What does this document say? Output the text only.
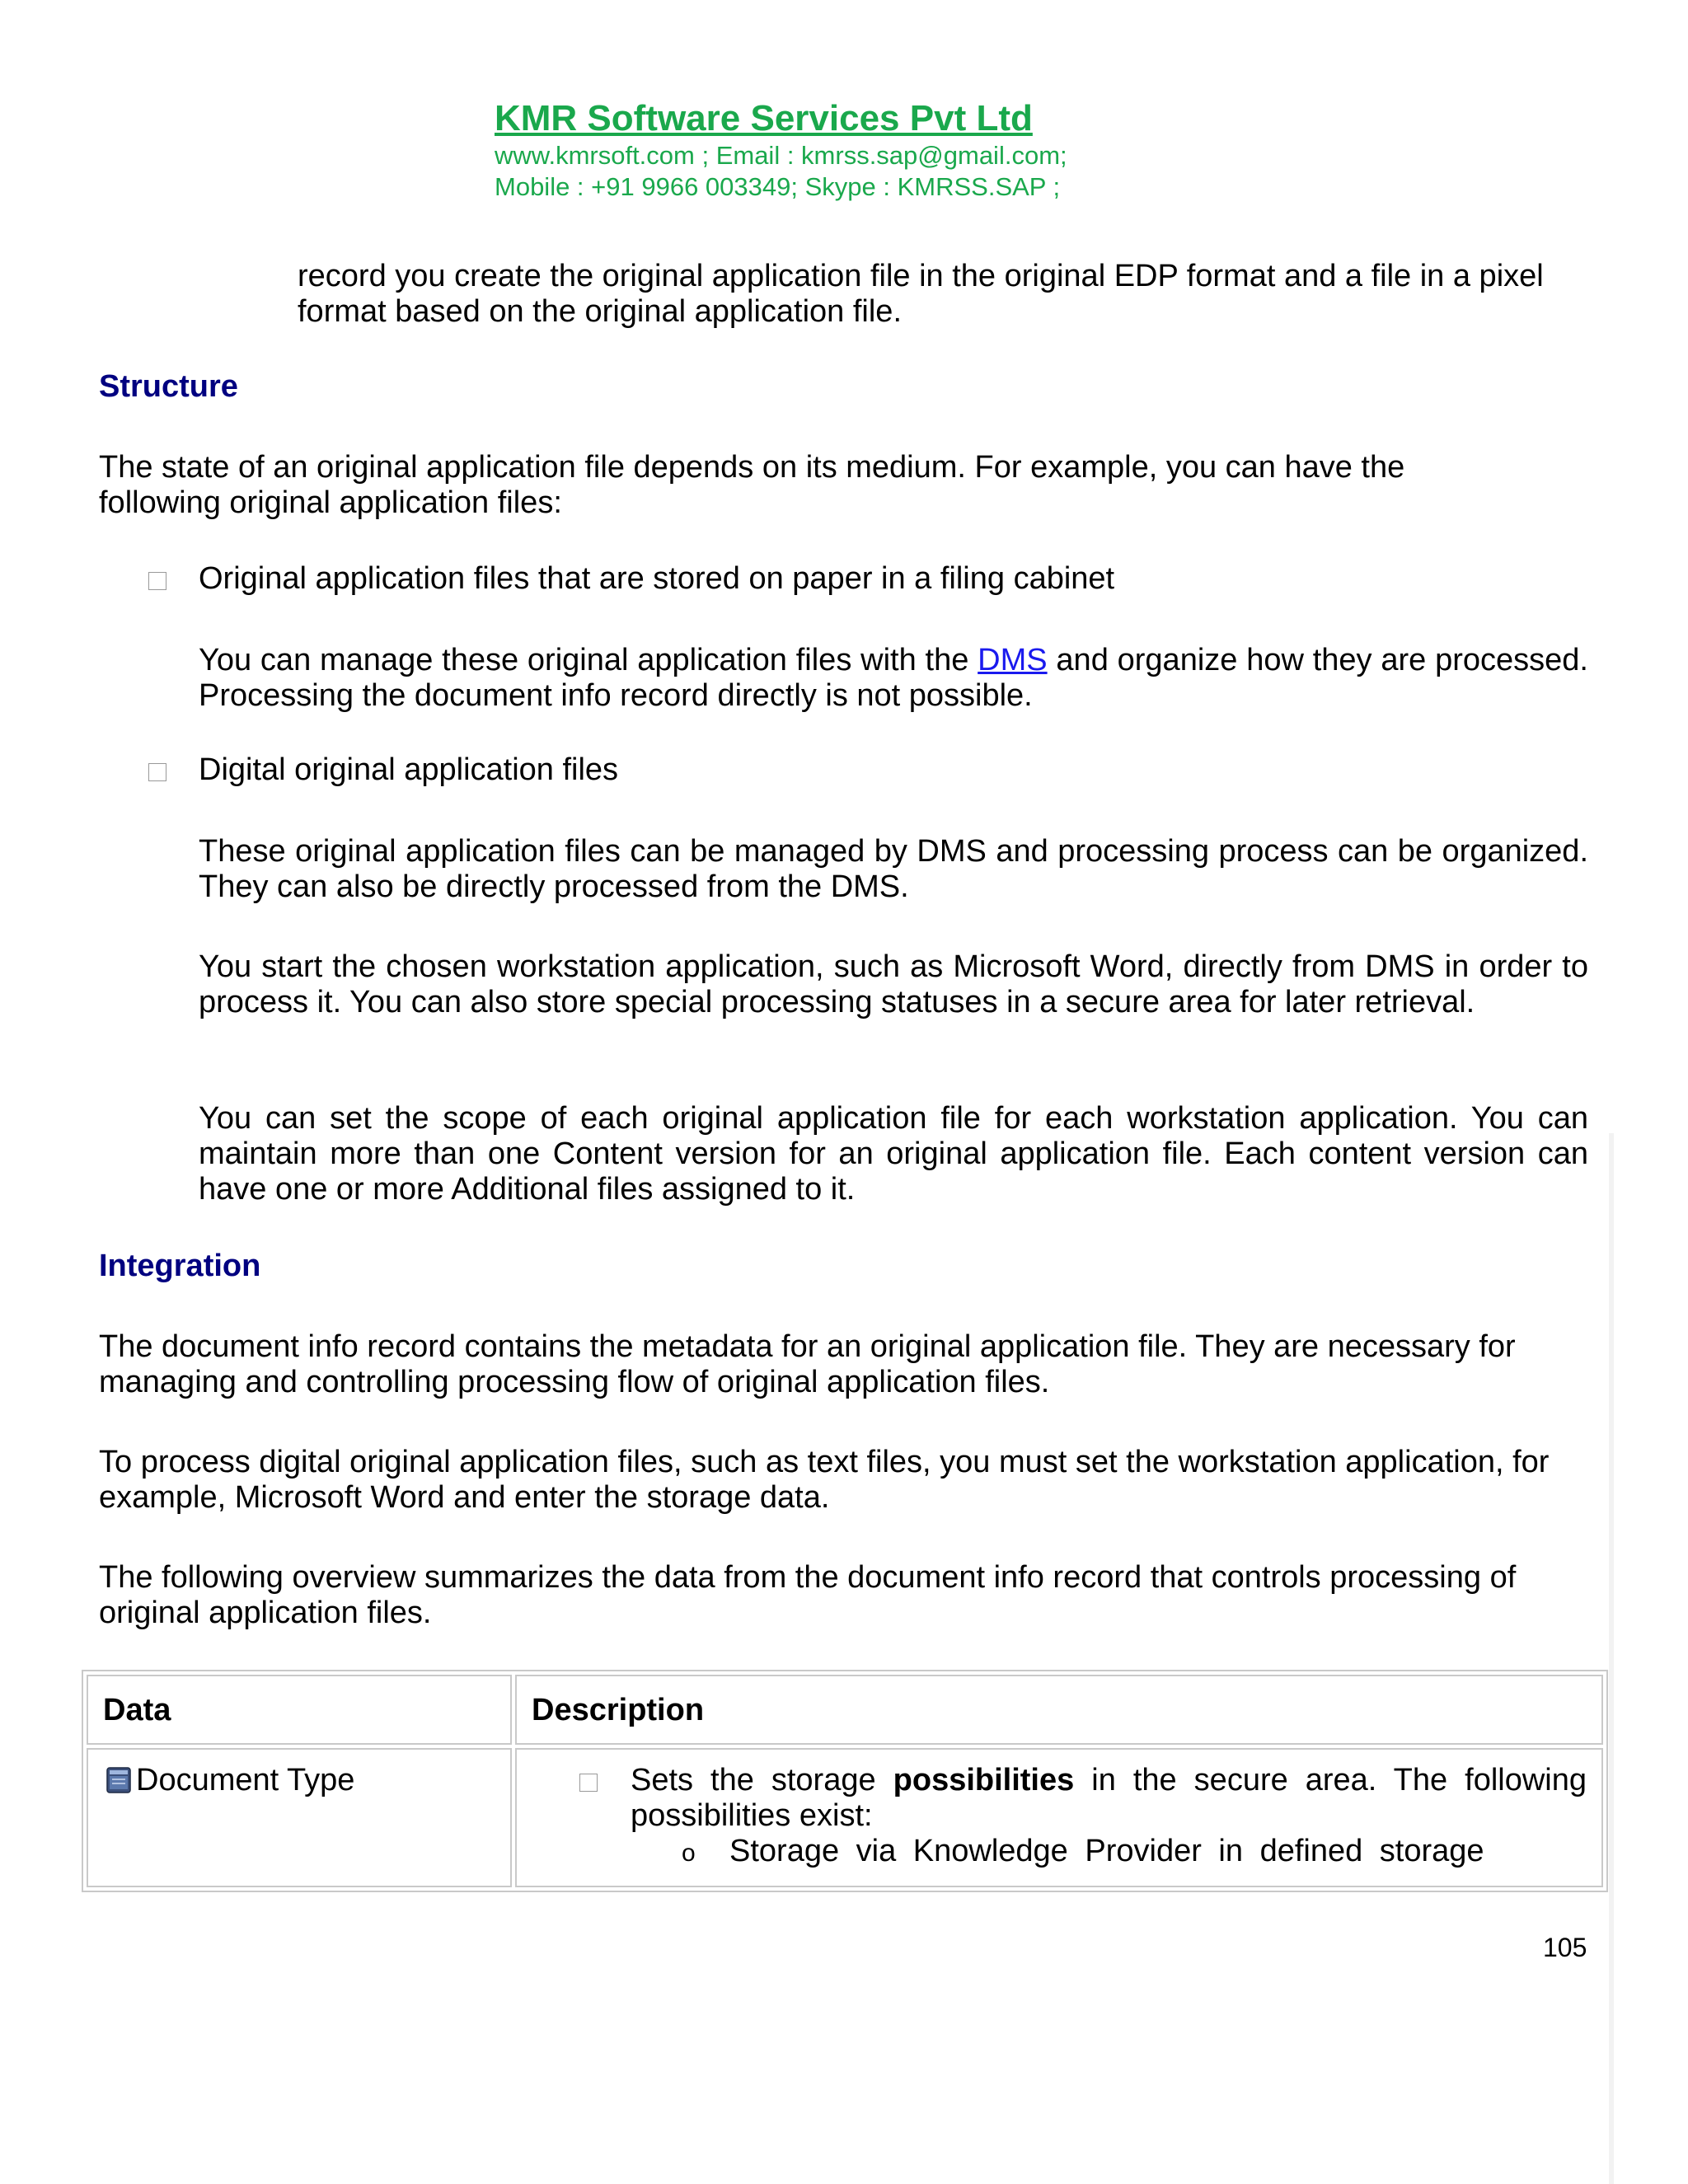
KMR Software Services Pvt Ltd
www.kmrsoft.com ; Email : kmrss.sap@gmail.com;
Mobile : +91 9966 003349; Skype : KMRSS.SAP ;

record you create the original application file in the original EDP format and a file in a pixel format based on the original application file.

Structure

The state of an original application file depends on its medium. For example, you can have the following original application files:

Original application files that are stored on paper in a filing cabinet

You can manage these original application files with the DMS and organize how they are processed. Processing the document info record directly is not possible.

Digital original application files

These original application files can be managed by DMS and processing process can be organized. They can also be directly processed from the DMS.

You start the chosen workstation application, such as Microsoft Word, directly from DMS in order to process it. You can also store special processing statuses in a secure area for later retrieval.

You can set the scope of each original application file for each workstation application. You can maintain more than one Content version for an original application file. Each content version can have one or more Additional files assigned to it.

Integration

The document info record contains the metadata for an original application file. They are necessary for managing and controlling processing flow of original application files.

To process digital original application files, such as text files, you must set the workstation application, for example, Microsoft Word and enter the storage data.

The following overview summarizes the data from the document info record that controls processing of original application files.

Data	Description
Document Type	Sets the storage possibilities in the secure area. The following possibilities exist:
o Storage via Knowledge Provider in defined storage
105
